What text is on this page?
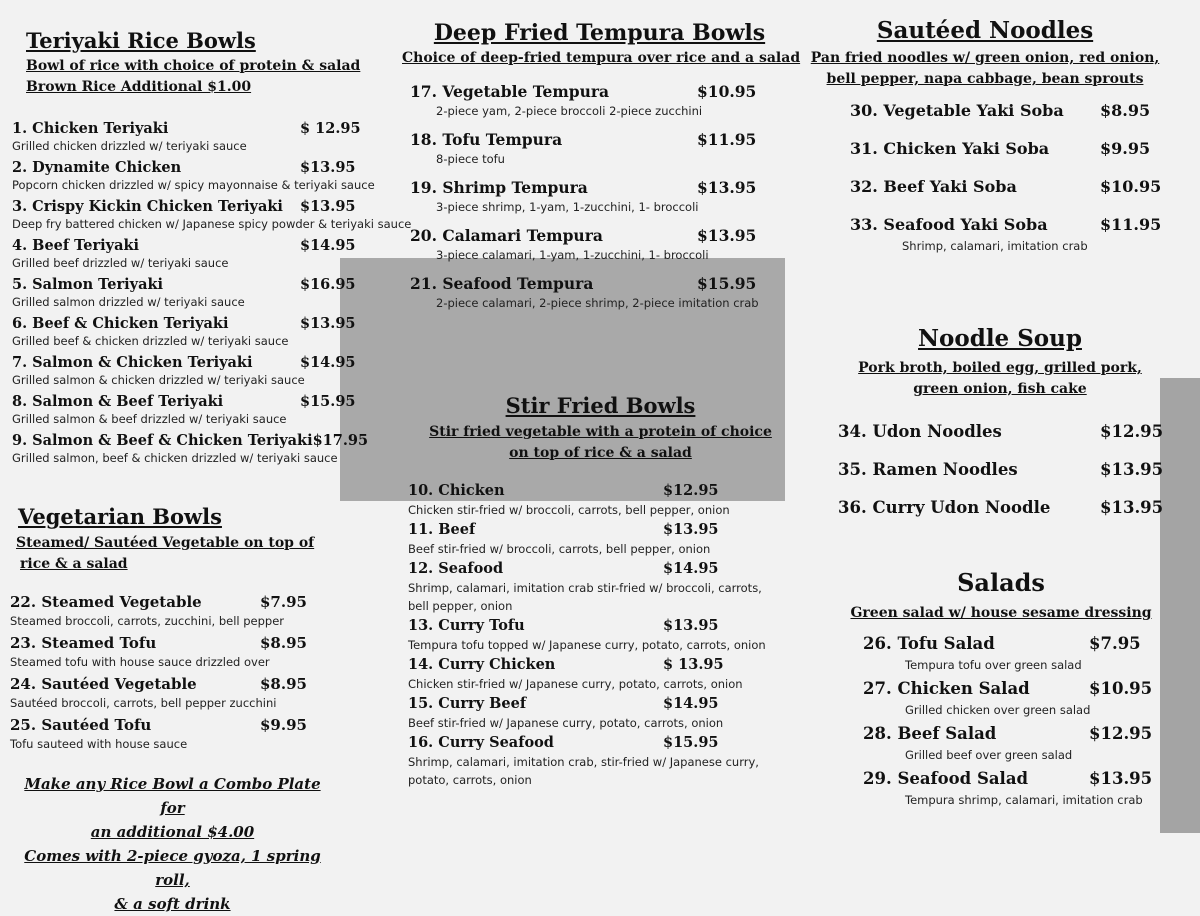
Teriyaki Rice Bowls
Bowl of rice with choice of protein & salad
Brown Rice Additional $1.00
1. Chicken Teriyaki	$ 12.95
Grilled chicken drizzled w/ teriyaki sauce
2. Dynamite Chicken	$13.95
Popcorn chicken drizzled w/ spicy mayonnaise & teriyaki sauce
3. Crispy Kickin Chicken Teriyaki $13.95
Deep fry battered chicken w/ Japanese spicy powder & teriyaki sauce
4. Beef Teriyaki	$14.95
Grilled beef drizzled w/ teriyaki sauce
5. Salmon Teriyaki	$16.95
Grilled salmon drizzled w/ teriyaki sauce
6. Beef & Chicken Teriyaki	$13.95
Grilled beef & chicken drizzled w/ teriyaki sauce
7. Salmon & Chicken Teriyaki	$14.95
Grilled salmon & chicken drizzled w/ teriyaki sauce
8. Salmon & Beef Teriyaki	$15.95
Grilled salmon & beef drizzled w/ teriyaki sauce
9. Salmon & Beef & Chicken Teriyaki $17.95
Grilled salmon, beef & chicken drizzled w/ teriyaki sauce
Vegetarian Bowls
Steamed/ Sautéed Vegetable on top of
rice & a salad
22. Steamed Vegetable	$7.95
Steamed broccoli, carrots, zucchini, bell pepper
23. Steamed Tofu	$8.95
Steamed tofu with house sauce drizzled over
24. Sautéed Vegetable	$8.95
Sautéed broccoli, carrots, bell pepper zucchini
25. Sautéed Tofu	$9.95
Tofu sauteed with house sauce
Make any Rice Bowl a Combo Plate for
an additional $4.00
Comes with 2-piece gyoza, 1 spring roll,
& a soft drink
Deep Fried Tempura Bowls
Choice of deep-fried tempura over rice and a salad
17. Vegetable Tempura	$10.95
2-piece yam, 2-piece broccoli 2-piece zucchini
18. Tofu Tempura	$11.95
8-piece tofu
19. Shrimp Tempura	$13.95
3-piece shrimp, 1-yam, 1-zucchini, 1- broccoli
20. Calamari Tempura	$13.95
3-piece calamari, 1-yam, 1-zucchini, 1- broccoli
21. Seafood Tempura	$15.95
2-piece calamari, 2-piece shrimp, 2-piece imitation crab
Stir Fried Bowls
Stir fried vegetable with a protein of choice
on top of rice & a salad
10. Chicken	$12.95
Chicken stir-fried w/ broccoli, carrots, bell pepper, onion
11. Beef	$13.95
Beef stir-fried w/ broccoli, carrots, bell pepper, onion
12. Seafood	$14.95
Shrimp, calamari, imitation crab stir-fried w/ broccoli, carrots,
bell pepper, onion
13. Curry Tofu	$13.95
Tempura tofu topped w/ Japanese curry, potato, carrots, onion
14. Curry Chicken	$ 13.95
Chicken stir-fried w/ Japanese curry, potato, carrots, onion
15. Curry Beef	$14.95
Beef stir-fried w/ Japanese curry, potato, carrots, onion
16. Curry Seafood	$15.95
Shrimp, calamari, imitation crab, stir-fried w/ Japanese curry,
potato, carrots, onion
Sautéed Noodles
Pan fried noodles w/ green onion, red onion,
bell pepper, napa cabbage, bean sprouts
30. Vegetable Yaki Soba $8.95
31. Chicken Yaki Soba	$9.95
32. Beef Yaki Soba	$10.95
33. Seafood Yaki Soba	$11.95
Shrimp, calamari, imitation crab
Noodle Soup
Pork broth, boiled egg, grilled pork,
green onion, fish cake
34. Udon Noodles	$12.95
35. Ramen Noodles	$13.95
36. Curry Udon Noodle	$13.95
Salads
Green salad w/ house sesame dressing
26. Tofu Salad	$7.95
Tempura tofu over green salad
27. Chicken Salad	$10.95
Grilled chicken over green salad
28. Beef Salad	$12.95
Grilled beef over green salad
29. Seafood Salad	$13.95
Tempura shrimp, calamari, imitation crab
